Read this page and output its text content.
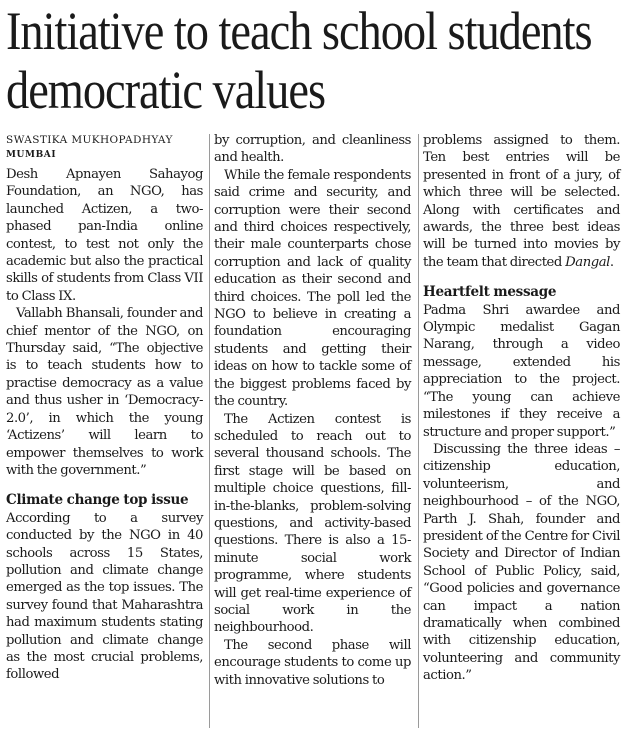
Initiative to teach school students democratic values
SWASTIKA MUKHOPADHYAY
MUMBAI

Desh Apnayen Sahayog Foundation, an NGO, has launched Actizen, a two-phased pan-India online contest, to test not only the academic but also the practical skills of students from Class VII to Class IX.

Vallabh Bhansali, founder and chief mentor of the NGO, on Thursday said, “The objective is to teach students how to practise democracy as a value and thus usher in ‘Democracy- 2.0’, in which the young ‘Actizens’ will learn to empower themselves to work with the government.”

Climate change top issue

According to a survey conducted by the NGO in 40 schools across 15 States, pollution and climate change emerged as the top issues. The survey found that Maharashtra had maximum students stating pollution and climate change as the most crucial problems, followed

by corruption, and cleanliness and health.

While the female respondents said crime and security, and corruption were their second and third choices respectively, their male counterparts chose corruption and lack of quality education as their second and third choices. The poll led the NGO to believe in creating a foundation encouraging students and getting their ideas on how to tackle some of the biggest problems faced by the country.

The Actizen contest is scheduled to reach out to several thousand schools. The first stage will be based on multiple choice questions, fill-in-the-blanks, problem-solving questions, and activity-based questions. There is also a 15-minute social work programme, where students will get real-time experience of social work in the neighbourhood.

The second phase will encourage students to come up with innovative solutions to

problems assigned to them. Ten best entries will be presented in front of a jury, of which three will be selected. Along with certificates and awards, the three best ideas will be turned into movies by the team that directed Dangal.

Heartfelt message

Padma Shri awardee and Olympic medalist Gagan Narang, through a video message, extended his appreciation to the project. “The young can achieve milestones if they receive a structure and proper support.”

Discussing the three ideas – citizenship education, volunteerism, and neighbourhood – of the NGO, Parth J. Shah, founder and president of the Centre for Civil Society and Director of Indian School of Public Policy, said, “Good policies and governance can impact a nation dramatically when combined with citizenship education, volunteering and community action.”
